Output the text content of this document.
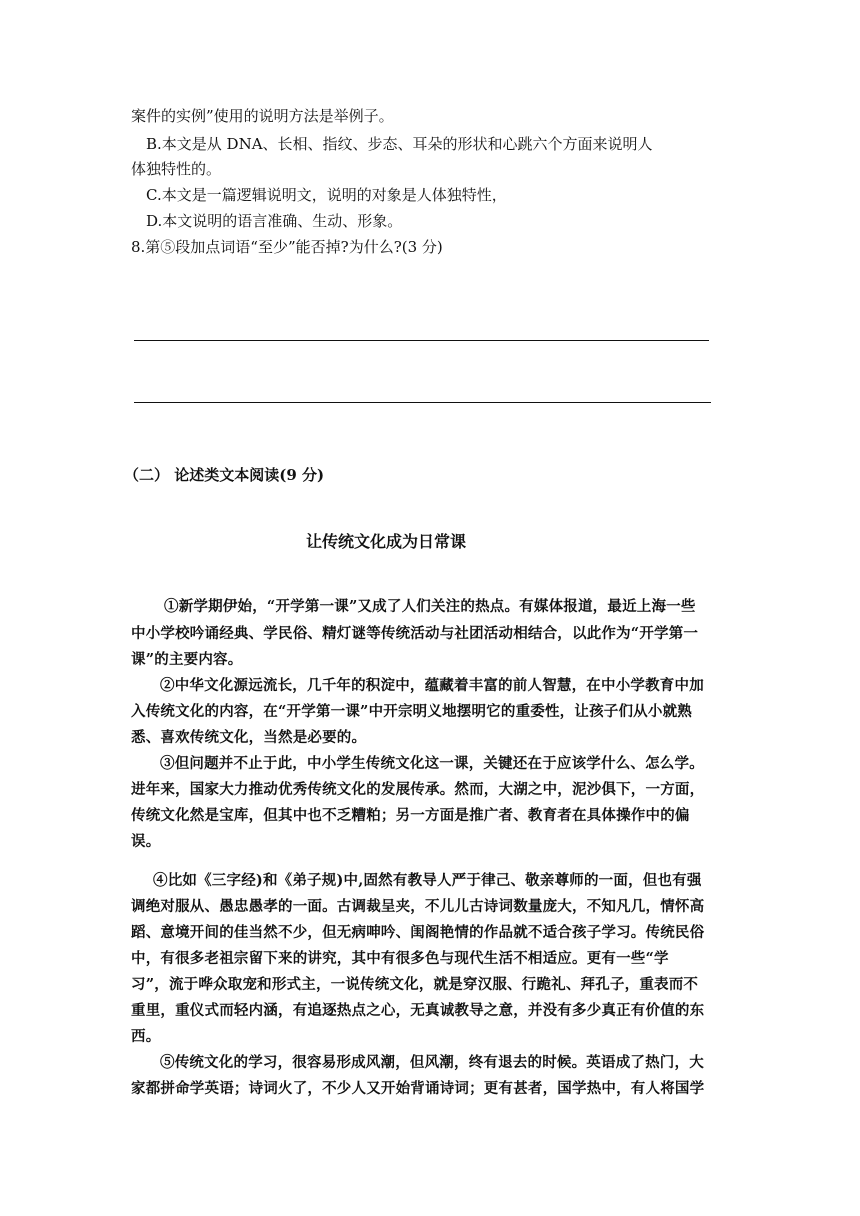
案件的实例”使用的说明方法是举例子。
B.本文是从 DNA、长相、指纹、步态、耳朵的形状和心跳六个方面来说明人
体独特性的。
C.本文是一篇逻辑说明文，说明的对象是人体独特性，
D.本文说明的语言准确、生动、形象。
8.第⑤段加点词语“至少”能否掉?为什么?(3 分)
（二） 论述类文本阅读(9 分)
让传统文化成为日常课
①新学期伊始，“开学第一课”又成了人们关注的热点。有媒体报道，最近上海一些
中小学校吟诵经典、学民俗、精灯谜等传统活动与社团活动相结合，以此作为“开学第一
课”的主要内容。
②中华文化源远流长，几千年的积淀中，蕴藏着丰富的前人智慧，在中小学教育中加
入传统文化的内容，在“开学第一课”中开宗明义地摆明它的重委性，让孩子们从小就熟
悉、喜欢传统文化，当然是必要的。
③但问题并不止于此，中小学生传统文化这一课，关键还在于应该学什么、怎么学。
进年来，国家大力推动优秀传统文化的发展传承。然而，大湖之中，泥沙俱下，一方面，
传统文化然是宝库，但其中也不乏糟粕；另一方面是推广者、教育者在具体操作中的偏
误。
④比如《三字经)和《弟子规)中,固然有教导人严于律己、敬亲尊师的一面，但也有强
调绝对服从、愚忠愚孝的一面。古调裁呈夹，不儿儿古诗词数量庞大，不知凡几，情怀高
蹈、意境开间的佳当然不少，但无病呻吟、闺阁艳情的作品就不适合孩子学习。传统民俗
中，有很多老祖宗留下来的讲究，其中有很多色与现代生活不相适应。更有一些“学
习”，流于哗众取宠和形式主，一说传统文化，就是穿汉服、行跪礼、拜孔子，重表而不
重里，重仪式而轻内涵，有追逐热点之心，无真诚教导之意，并没有多少真正有价值的东
西。
⑤传统文化的学习，很容易形成风潮，但风潮，终有退去的时候。英语成了热门，大
家都拼命学英语；诗词火了，不少人又开始背诵诗词；更有甚者，国学热中，有人将国学
